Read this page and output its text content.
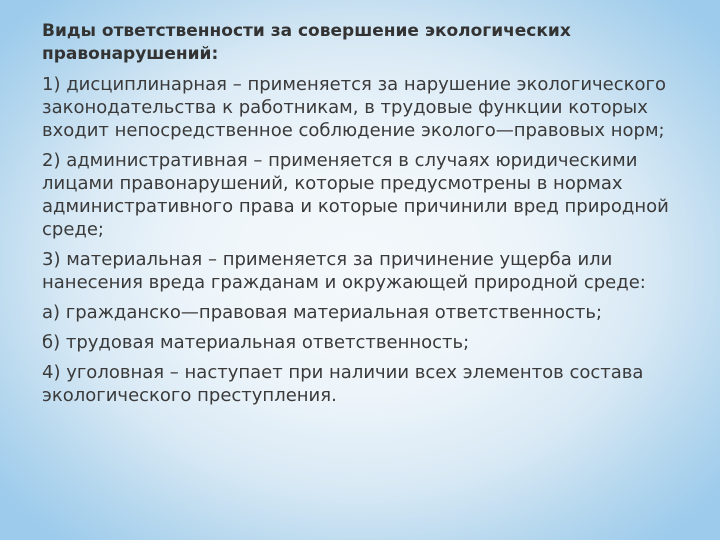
Виды ответственности за совершение экологических правонарушений:
1) дисциплинарная – применяется за нарушение экологического законодательства к работникам, в трудовые функции которых входит непосредственное соблюдение эколого—правовых норм;
2) административная – применяется в случаях юридическими лицами правонарушений, которые предусмотрены в нормах административного права и которые причинили вред природной среде;
3) материальная – применяется за причинение ущерба или нанесения вреда гражданам и окружающей природной среде:
а) гражданско—правовая материальная ответственность;
б) трудовая материальная ответственность;
4) уголовная – наступает при наличии всех элементов состава экологического преступления.
